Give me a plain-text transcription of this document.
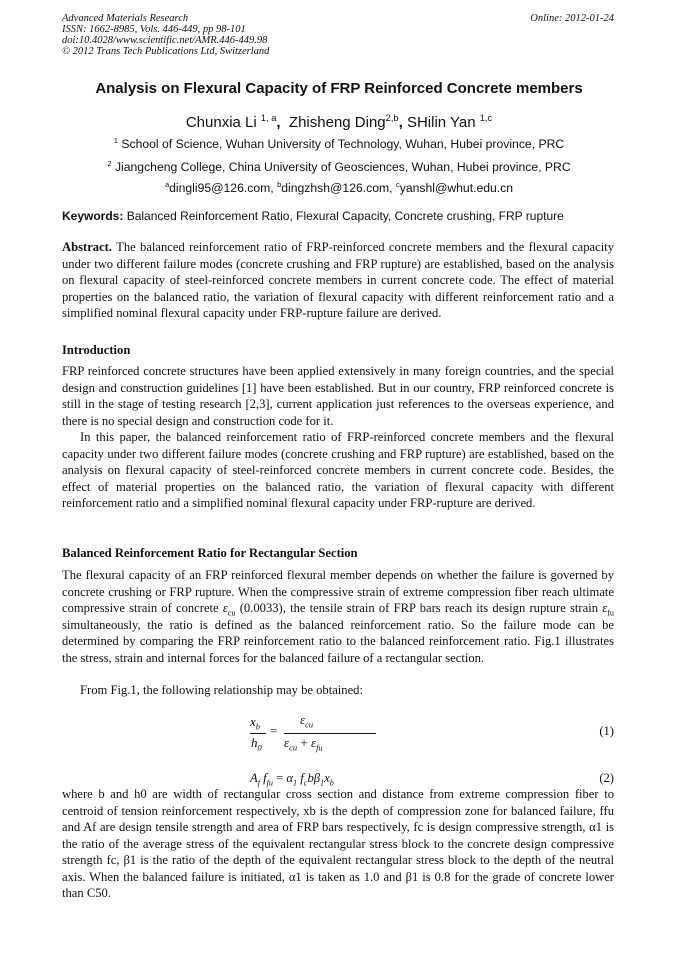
Advanced Materials Research
ISSN: 1662-8985, Vols. 446-449, pp 98-101
doi:10.4028/www.scientific.net/AMR.446-449.98
© 2012 Trans Tech Publications Ltd, Switzerland
Online: 2012-01-24
Analysis on Flexural Capacity of FRP Reinforced Concrete members
Chunxia Li $^{1, a}$, Zhisheng Ding$^{2,b}$, SHilin Yan $^{1,c}$
$^1$ School of Science, Wuhan University of Technology, Wuhan, Hubei province, PRC
$^2$ Jiangcheng College, China University of Geosciences, Wuhan, Hubei province, PRC
$^a$dingli95@126.com, $^b$dingzhsh@126.com, $^c$yanshl@whut.edu.cn
Keywords: Balanced Reinforcement Ratio, Flexural Capacity, Concrete crushing, FRP rupture

Abstract. The balanced reinforcement ratio of FRP-reinforced concrete members and the flexural capacity under two different failure modes (concrete crushing and FRP rupture) are established, based on the analysis on flexural capacity of steel-reinforced concrete members in current concrete code. The effect of material properties on the balanced ratio, the variation of flexural capacity with different reinforcement ratio and a simplified nominal flexural capacity under FRP-rupture failure are derived.

Introduction

FRP reinforced concrete structures have been applied extensively in many foreign countries, and the special design and construction guidelines [1] have been established. But in our country, FRP reinforced concrete is still in the stage of testing research [2,3], current application just references to the overseas experience, and there is no special design and construction code for it.

In this paper, the balanced reinforcement ratio of FRP-reinforced concrete members and the flexural capacity under two different failure modes (concrete crushing and FRP rupture) are established, based on the analysis on flexural capacity of steel-reinforced concrete members in current concrete code. Besides, the effect of material properties on the balanced ratio, the variation of flexural capacity with different reinforcement ratio and a simplified nominal flexural capacity under FRP-rupture are derived.

Balanced Reinforcement Ratio for Rectangular Section

The flexural capacity of an FRP reinforced flexural member depends on whether the failure is governed by concrete crushing or FRP rupture. When the compressive strain of extreme compression fiber reach ultimate compressive strain of concrete $\varepsilon_{cu}$ (0.0033), the tensile strain of FRP bars reach its design rupture strain $\varepsilon_{fu}$ simultaneously, the ratio is defined as the balanced reinforcement ratio. So the failure mode can be determined by comparing the FRP reinforcement ratio to the balanced reinforcement ratio. Fig.1 illustrates the stress, strain and internal forces for the balanced failure of a rectangular section.

From Fig.1, the following relationship may be obtained:

$x_b$
$h_0$
=
$\varepsilon_{cu}$
$\varepsilon_{cu} + \varepsilon_{fu}$
(1)
$A_f$ $f_{fu} = \alpha_1$ $f_cb\beta_1x_b$	(2)

where b and h0 are width of rectangular cross section and distance from extreme compression fiber to centroid of tension reinforcement respectively, xb is the depth of compression zone for balanced failure, ffu and Af are design tensile strength and area of FRP bars respectively, fc is design compressive strength, α1 is the ratio of the average stress of the equivalent rectangular stress block to the concrete design compressive strength fc, β1 is the ratio of the depth of the equivalent rectangular stress block to the depth of the neutral axis. When the balanced failure is initiated, α1 is taken as 1.0 and β1 is 0.8 for the grade of concrete lower than C50.
